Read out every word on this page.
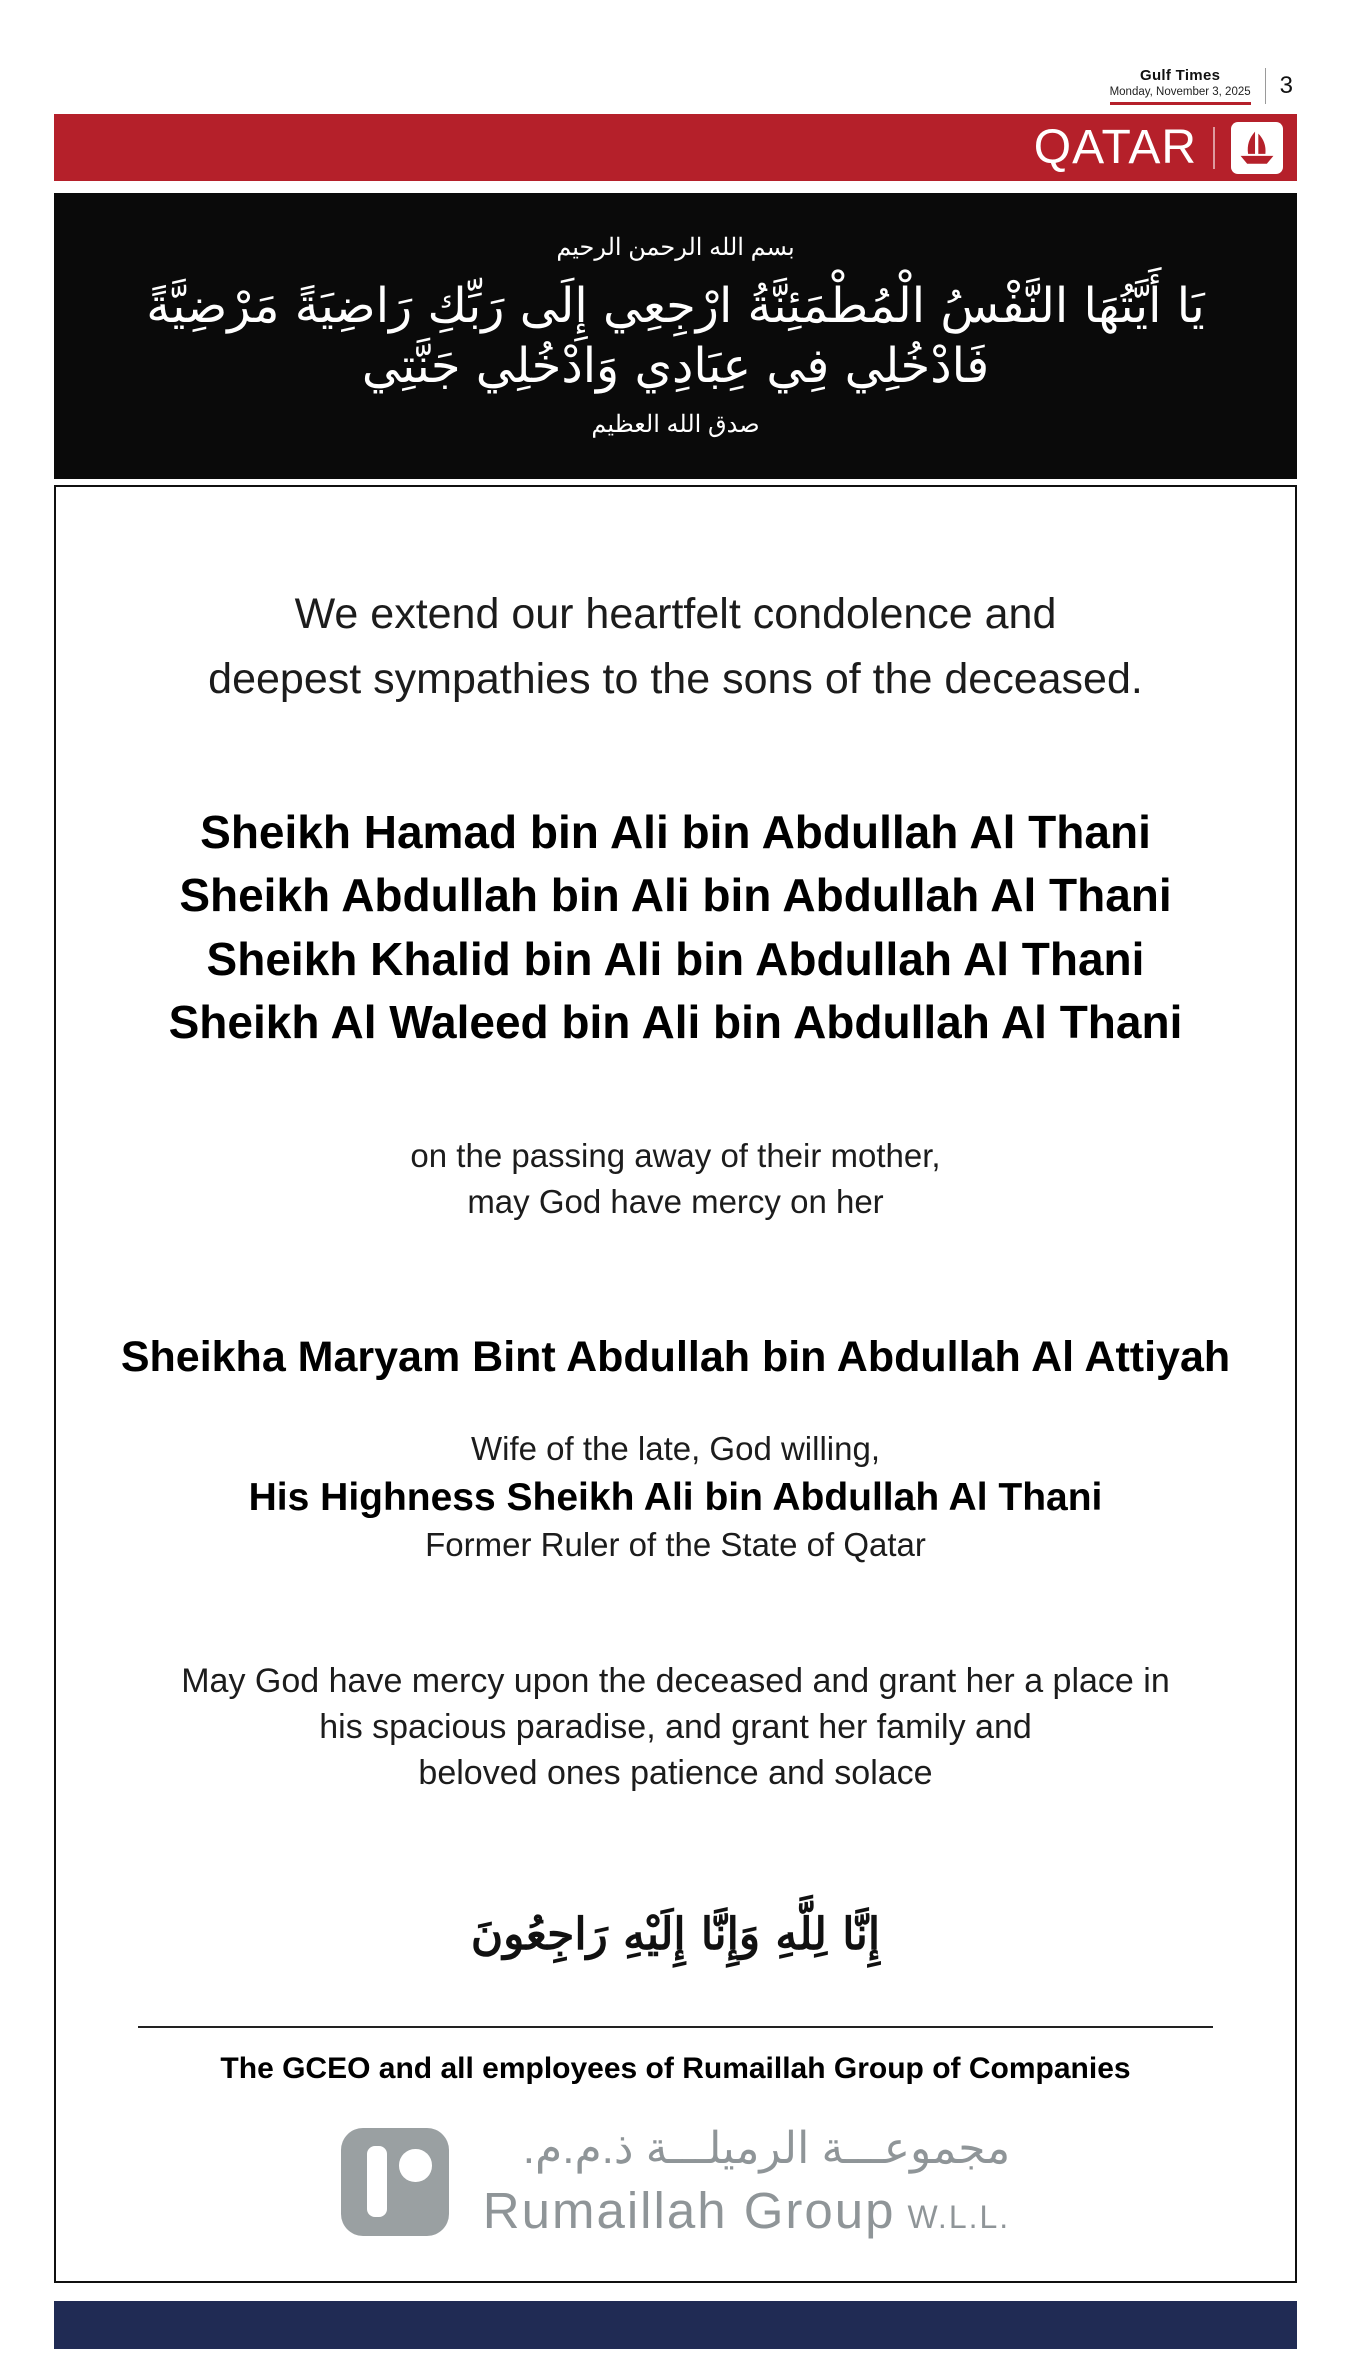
Gulf Times
Monday, November 3, 2025 3
QATAR
بسم الله الرحمن الرحيم
يَا أَيَّتُهَا النَّفْسُ الْمُطْمَئِنَّةُ ارْجِعِي إِلَى رَبِّكِ رَاضِيَةً مَرْضِيَّةً فَادْخُلِي فِي عِبَادِي وَادْخُلِي جَنَّتِي
صدق الله العظيم
We extend our heartfelt condolence and
deepest sympathies to the sons of the deceased.
Sheikh Hamad bin Ali bin Abdullah Al Thani
Sheikh Abdullah bin Ali bin Abdullah Al Thani
Sheikh Khalid bin Ali bin Abdullah Al Thani
Sheikh Al Waleed bin Ali bin Abdullah Al Thani
on the passing away of their mother,
may God have mercy on her
Sheikha Maryam Bint Abdullah bin Abdullah Al Attiyah
Wife of the late, God willing,
His Highness Sheikh Ali bin Abdullah Al Thani
Former Ruler of the State of Qatar
May God have mercy upon the deceased and grant her a place in
his spacious paradise, and grant her family and
beloved ones patience and solace
إِنَّا لِلَّهِ وَإِنَّا إِلَيْهِ رَاجِعُونَ
The GCEO and all employees of Rumaillah Group of Companies
مجموعـــة الرميلـــة ذ.م.م.
Rumaillah Group W.L.L.
